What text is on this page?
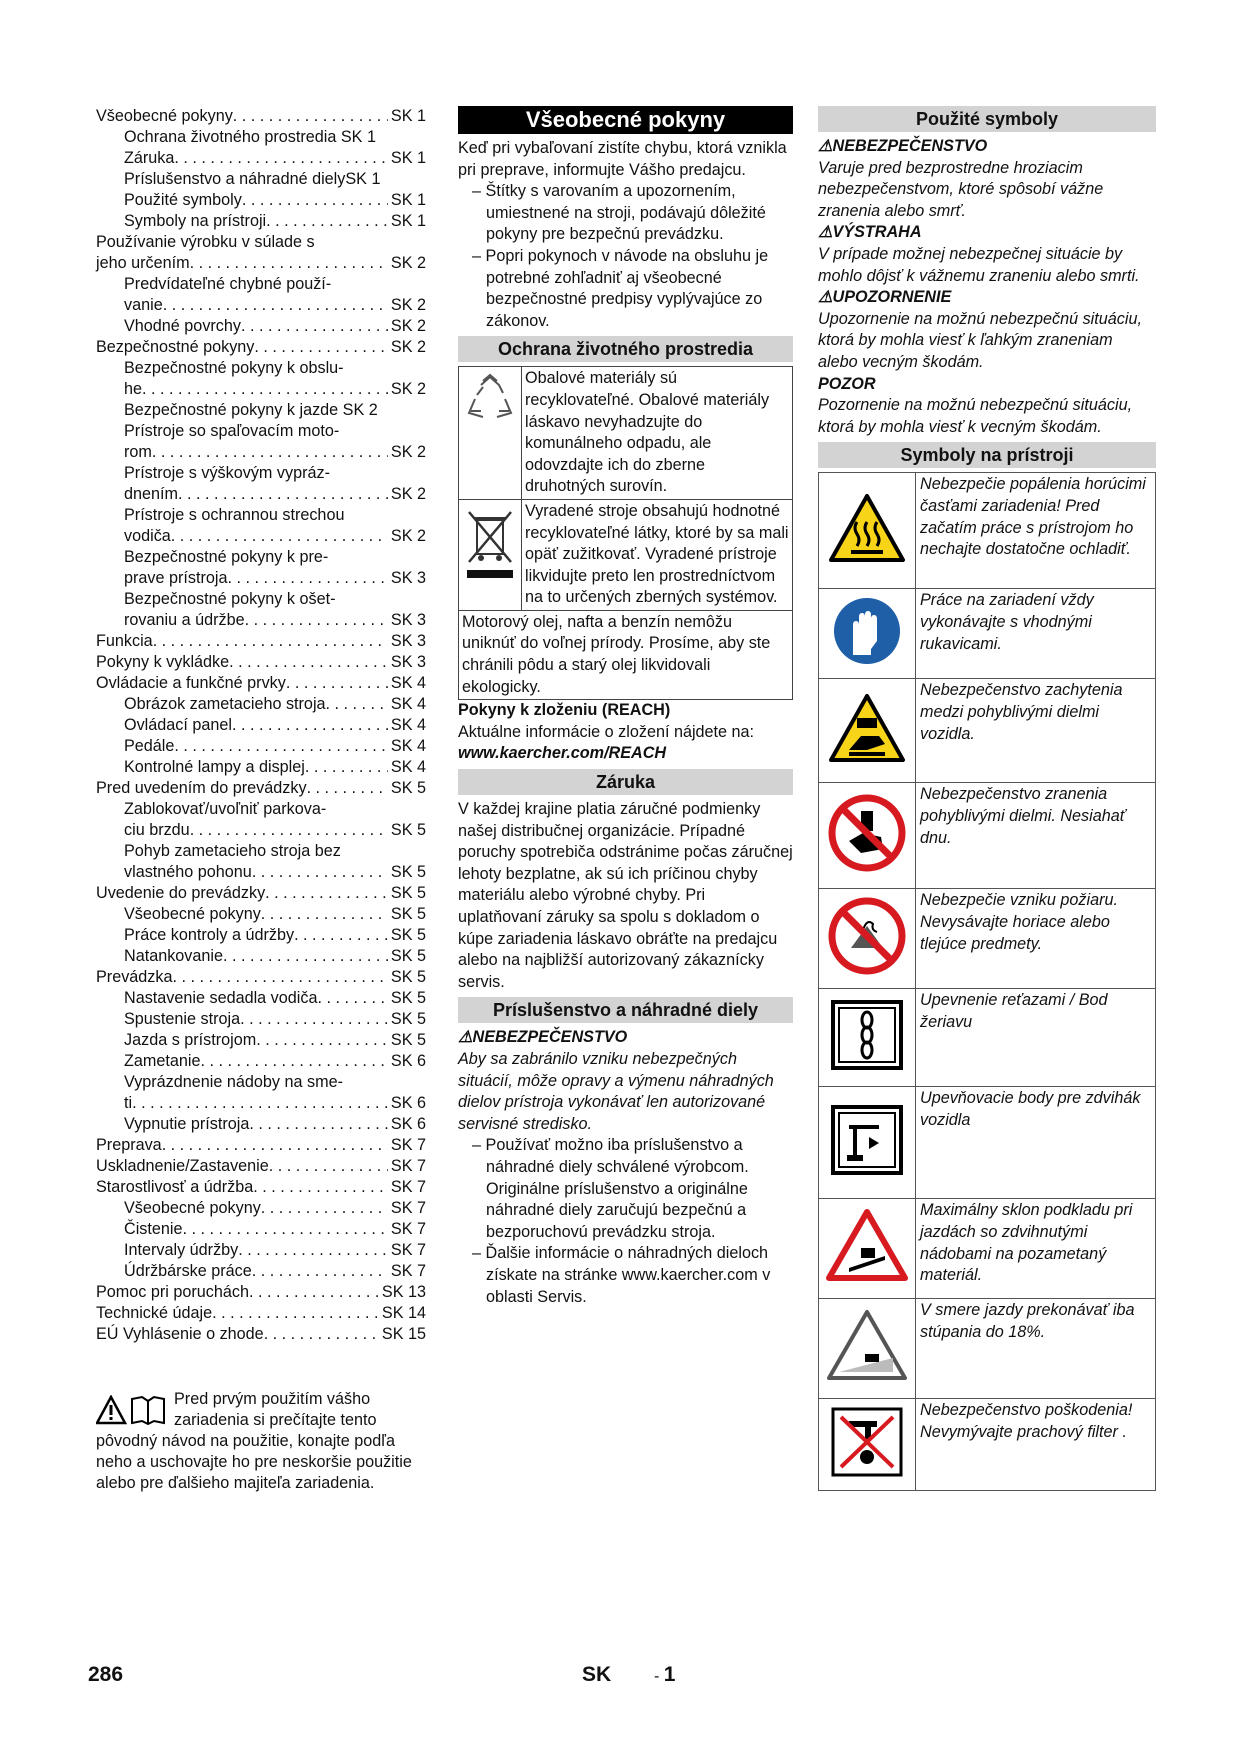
Všeobecné pokyny . . .	SK 1
Ochrana životného prostredia SK 1
Záruka . . .	SK 1
Príslušenstvo a náhradné dielySK 1
Použité symboly . . .	SK 1
Symboly na prístroji . . .	SK 1
Používanie výrobku v súlade s
jeho určením . . .	SK 2
Predvídateľné chybné použí-
vanie . . .	SK 2
Vhodné povrchy . . .	SK 2
Bezpečnostné pokyny . . .	SK 2
Bezpečnostné pokyny k obslu-
he . . .	SK 2
Bezpečnostné pokyny k jazde SK 2
Prístroje so spaľovacím moto-
rom . . .	SK 2
Prístroje s výškovým vypráz-
dnením . . .	SK 2
Prístroje s ochrannou strechou
vodiča . . .	SK 2
Bezpečnostné pokyny k pre-
prave prístroja . . .	SK 3
Bezpečnostné pokyny k ošet-
rovaniu a údržbe . . .	SK 3
Funkcia . . .	SK 3
Pokyny k vykládke . . .	SK 3
Ovládacie a funkčné prvky . . .	SK 4
Obrázok zametacieho stroja . . .	SK 4
Ovládací panel . . .	SK 4
Pedále . . .	SK 4
Kontrolné lampy a displej . . .	SK 4
Pred uvedením do prevádzky . . .	SK 5
Zablokovať/uvoľniť parkova-
ciu brzdu . . .	SK 5
Pohyb zametacieho stroja bez
vlastného pohonu . . .	SK 5
Uvedenie do prevádzky . . .	SK 5
Všeobecné pokyny . . .	SK 5
Práce kontroly a údržby . . .	SK 5
Natankovanie . . .	SK 5
Prevádzka . . .	SK 5
Nastavenie sedadla vodiča . . .	SK 5
Spustenie stroja . . .	SK 5
Jazda s prístrojom . . .	SK 5
Zametanie . . .	SK 6
Vyprázdnenie nádoby na sme-
ti . . .	SK 6
Vypnutie prístroja . . .	SK 6
Preprava . . .	SK 7
Uskladnenie/Zastavenie . . .	SK 7
Starostlivosť a údržba . . .	SK 7
Všeobecné pokyny . . .	SK 7
Čistenie . . .	SK 7
Intervaly údržby . . .	SK 7
Údržbárske práce . . .	SK 7
Pomoc pri poruchách . . .	SK 13
Technické údaje . . .	SK 14
EÚ Vyhlásenie o zhode . . .	SK 15
Pred prvým použitím vášho zariadenia si prečítajte tento pôvodný návod na použitie, konajte podľa neho a uschovajte ho pre neskoršie použitie alebo pre ďalšieho majiteľa zariadenia.
Všeobecné pokyny

Keď pri vybaľovaní zistíte chybu, ktorá vznikla pri preprave, informujte Vášho predajcu.

– Štítky s varovaním a upozornením, umiestnené na stroji, podávajú dôležité pokyny pre bezpečnú prevádzku.

– Popri pokynoch v návode na obsluhu je potrebné zohľadniť aj všeobecné bezpečnostné predpisy vyplývajúce zo zákonov.

Ochrana životného prostredia
	Obalové materiály sú recyklovateľné. Obalové materiály láskavo nevyhadzujte do komunálneho odpadu, ale odovzdajte ich do zberne druhotných surovín.
	Vyradené stroje obsahujú hodnotné recyklovateľné látky, ktoré by sa mali opäť zužitkovať. Vyradené prístroje likvidujte preto len prostredníctvom na to určených zberných systémov.
Motorový olej, nafta a benzín nemôžu uniknúť do voľnej prírody. Prosíme, aby ste chránili pôdu a starý olej likvidovali ekologicky.	

Pokyny k zloženiu (REACH)

Aktuálne informácie o zložení nájdete na:

www.kaercher.com/REACH

Záruka

V každej krajine platia záručné podmienky našej distribučnej organizácie. Prípadné poruchy spotrebiča odstránime počas záručnej lehoty bezplatne, ak sú ich príčinou chyby materiálu alebo výrobné chyby. Pri uplatňovaní záruky sa spolu s dokladom o kúpe zariadenia láskavo obráťte na predajcu alebo na najbližší autorizovaný zákaznícky servis.

Príslušenstvo a náhradné diely

⚠NEBEZPEČENSTVO

Aby sa zabránilo vzniku nebezpečných situácií, môže opravy a výmenu náhradných dielov prístroja vykonávať len autorizované servisné stredisko.

– Používať možno iba príslušenstvo a náhradné diely schválené výrobcom. Originálne príslušenstvo a originálne náhradné diely zaručujú bezpečnú a bezporuchovú prevádzku stroja.

– Ďalšie informácie o náhradných dieloch získate na stránke www.kaercher.com v oblasti Servis.

Použité symboly

⚠NEBEZPEČENSTVO

Varuje pred bezprostredne hroziacim nebezpečenstvom, ktoré spôsobí vážne zranenia alebo smrť.

⚠VÝSTRAHA

V prípade možnej nebezpečnej situácie by mohlo dôjsť k vážnemu zraneniu alebo smrti.

⚠UPOZORNENIE

Upozornenie na možnú nebezpečnú situáciu, ktorá by mohla viesť k ľahkým zraneniam alebo vecným škodám.

POZOR

Pozornenie na možnú nebezpečnú situáciu, ktorá by mohla viesť k vecným škodám.

Symboly na prístroji
	Nebezpečie popálenia horúcimi časťami zariadenia! Pred začatím práce s prístrojom ho nechajte dostatočne ochladiť.
	Práce na zariadení vždy vykonávajte s vhodnými rukavicami.
	Nebezpečenstvo zachytenia medzi pohyblivými dielmi vozidla.
	Nebezpečenstvo zranenia pohyblivými dielmi. Nesiahať dnu.
	Nebezpečie vzniku požiaru. Nevysávajte horiace alebo tlejúce predmety.
	Upevnenie reťazami / Bod žeriavu
	Upevňovacie body pre zdvihák vozidla
	Maximálny sklon podkladu pri jazdách so zdvihnutými nádobami na pozametaný materiál.
	V smere jazdy prekonávať iba stúpania do 18%.
	Nebezpečenstvo poškodenia! Nevymývajte prachový filter .
286	SK	- 1
